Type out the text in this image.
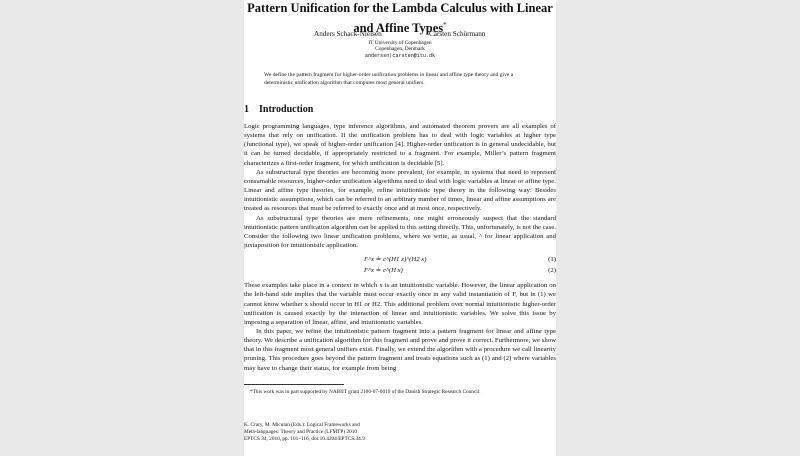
Pattern Unification for the Lambda Calculus with Linear and Affine Types*
Anders Schack-Nielsen	Carsten Schürmann
IT University of Copenhagen
Copenhagen, Denmark
anderssn|carsten@itu.dk
We define the pattern fragment for higher-order unification problems in linear and affine type theory and give a deterministic unification algorithm that computes most general unifiers.
1 Introduction

Logic programming languages, type inference algorithms, and automated theorem provers are all examples of systems that rely on unification. If the unification problem has to deal with logic variables at higher type (functional type), we speak of higher-order unification [4]. Higher-order unification is in general undecidable, but it can be turned decidable, if appropriately restricted to a fragment. For example, Miller’s pattern fragment characterizes a first-order fragment, for which unification is decidable [5].

As substructural type theories are becoming more prevalent, for example, in systems that need to represent consumable resources, higher-order unification algorithms need to deal with logic variables at linear or affine type. Linear and affine type theories, for example, refine intuitionistic type theory in the following way: Besides intuitionistic assumptions, which can be referred to an arbitrary number of times, linear and affine assumptions are treated as resources that must be referred to exactly once and at most once, respectively.

As substructural type theories are mere refinements, one might erroneously suspect that the standard intuitionistic pattern unification algorithm can be applied to this setting directly. This, unfortunately, is not the case. Consider the following two linear unification problems, where we write, as usual, ^ for linear application and juxtaposition for intuitionistic application.

F^x ≐ c^(H1 x)^(H2 x)	(1)
F^x ≐ c^(H x)	(2)

These examples take place in a context in which x is an intuitionistic variable. However, the linear application on the left-hand side implies that the variable must occur exactly once in any valid instantiation of F, but in (1) we cannot know whether x should occur in H1 or H2. This additional problem over normal intuitionistic higher-order unification is caused exactly by the interaction of linear and intuitionistic variables. We solve this issue by imposing a separation of linear, affine, and intuitionistic variables.

In this paper, we refine the intuitionistic pattern fragment into a pattern fragment for linear and affine type theory. We describe a unification algorithm for this fragment and prove and prove it correct. Furthermore, we show that in this fragment most general unifiers exist. Finally, we extend the algorithm with a procedure we call linearity pruning. This procedure goes beyond the pattern fragment and treats equations such as (1) and (2) where variables may have to change their status, for example from being

*This work was in part supported by NABIIT grant 2106-07-0019 of the Danish Strategic Research Council.
K. Crary, M. Miculan (Eds.): Logical Frameworks and
Meta-languages: Theory and Practice (LFMTP) 2010
EPTCS 34, 2010, pp. 101–116, doi:10.4204/EPTCS.34.9
